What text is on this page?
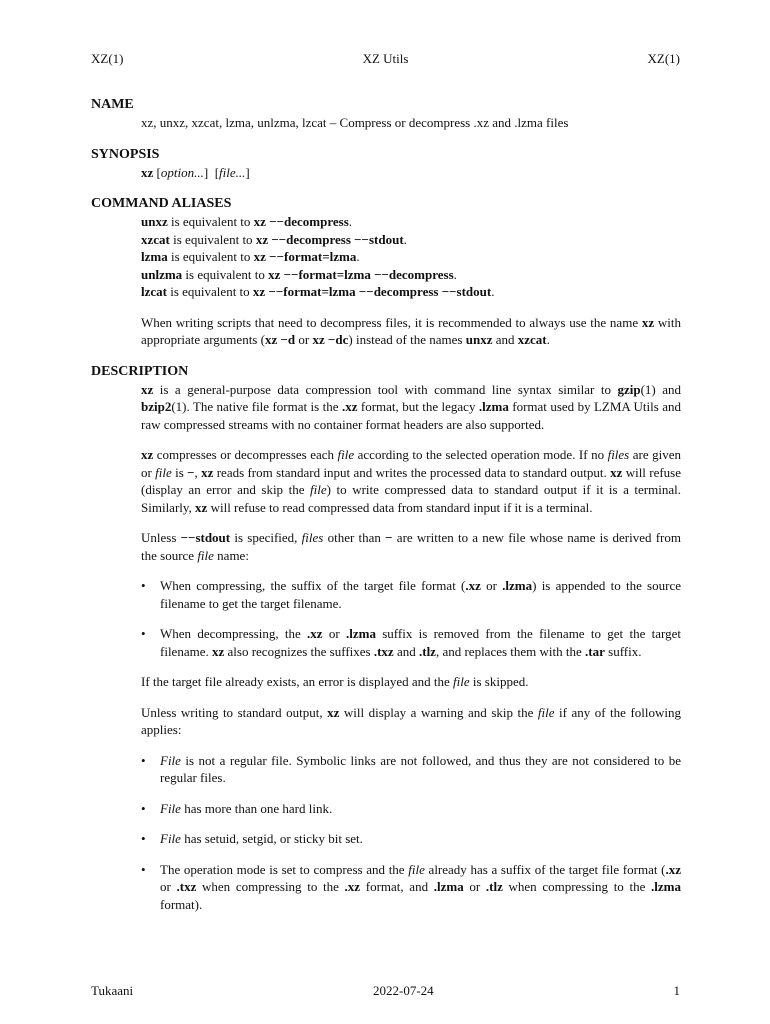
XZ(1)	XZ Utils	XZ(1)
NAME
xz, unxz, xzcat, lzma, unlzma, lzcat – Compress or decompress .xz and .lzma files
SYNOPSIS
xz [option...]  [file...]
COMMAND ALIASES

unxz is equivalent to xz −−decompress.
xzcat is equivalent to xz −−decompress −−stdout.
lzma is equivalent to xz −−format=lzma.
unlzma is equivalent to xz −−format=lzma −−decompress.
lzcat is equivalent to xz −−format=lzma −−decompress −−stdout.

When writing scripts that need to decompress files, it is recommended to always use the name xz with appropriate arguments (xz −d or xz −dc) instead of the names unxz and xzcat.

DESCRIPTION

xz is a general-purpose data compression tool with command line syntax similar to gzip(1) and bzip2(1). The native file format is the .xz format, but the legacy .lzma format used by LZMA Utils and raw compressed streams with no container format headers are also supported.

xz compresses or decompresses each file according to the selected operation mode. If no files are given or file is −, xz reads from standard input and writes the processed data to standard output. xz will refuse (display an error and skip the file) to write compressed data to standard output if it is a terminal. Similarly, xz will refuse to read compressed data from standard input if it is a terminal.

Unless −−stdout is specified, files other than − are written to a new file whose name is derived from the source file name:

• When compressing, the suffix of the target file format (.xz or .lzma) is appended to the source filename to get the target filename.
• When decompressing, the .xz or .lzma suffix is removed from the filename to get the target filename. xz also recognizes the suffixes .txz and .tlz, and replaces them with the .tar suffix.

If the target file already exists, an error is displayed and the file is skipped.

Unless writing to standard output, xz will display a warning and skip the file if any of the following applies:

• File is not a regular file. Symbolic links are not followed, and thus they are not considered to be regular files.
• File has more than one hard link.
• File has setuid, setgid, or sticky bit set.
• The operation mode is set to compress and the file already has a suffix of the target file format (.xz or .txz when compressing to the .xz format, and .lzma or .tlz when compressing to the .lzma format).
Tukaani	2022-07-24	1
